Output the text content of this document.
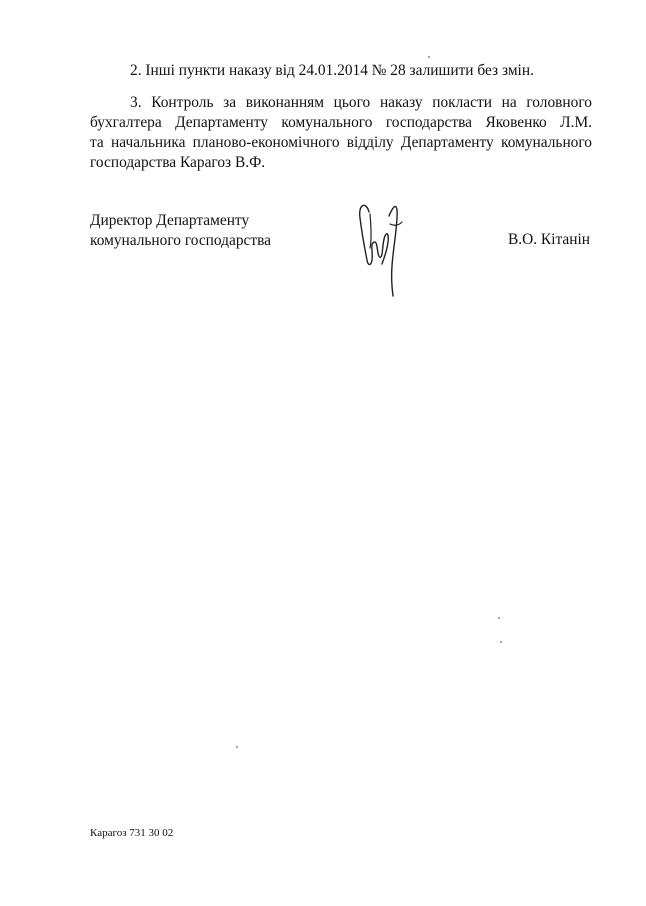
2. Інші пункти наказу від 24.01.2014 № 28 залишити без змін.
3. Контроль за виконанням цього наказу покласти на головного
бухгалтера Департаменту комунального господарства Яковенко Л.М.
та начальника планово-економічного відділу Департаменту комунального
господарства Карагоз В.Ф.
Директор Департаменту
комунального господарства	В.О. Кітанін
Карагоз 731 30 02
